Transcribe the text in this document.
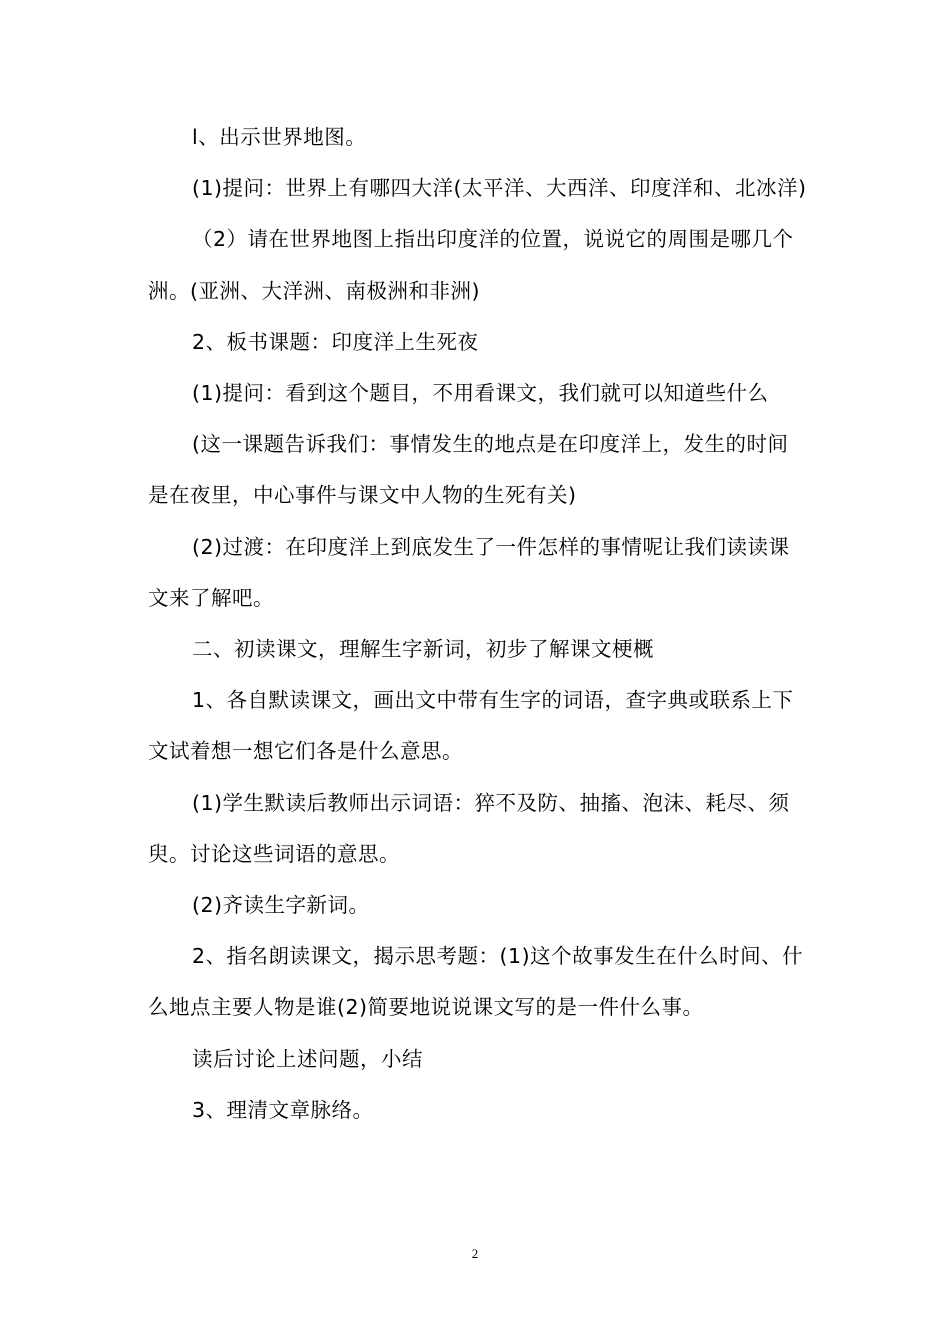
l、出示世界地图。

(1)提问：世界上有哪四大洋(太平洋、大西洋、印度洋和、北冰洋)

（2）请在世界地图上指出印度洋的位置，说说它的周围是哪几个洲。(亚洲、大洋洲、南极洲和非洲)

2、板书课题：印度洋上生死夜

(1)提问：看到这个题目，不用看课文，我们就可以知道些什么

(这一课题告诉我们：事情发生的地点是在印度洋上，发生的时间是在夜里，中心事件与课文中人物的生死有关)

(2)过渡：在印度洋上到底发生了一件怎样的事情呢让我们读读课文来了解吧。

二、初读课文，理解生字新词，初步了解课文梗概

1、各自默读课文，画出文中带有生字的词语，查字典或联系上下文试着想一想它们各是什么意思。

(1)学生默读后教师出示词语：猝不及防、抽搐、泡沫、耗尽、须臾。讨论这些词语的意思。

(2)齐读生字新词。

2、指名朗读课文，揭示思考题：(1)这个故事发生在什么时间、什么地点主要人物是谁(2)简要地说说课文写的是一件什么事。

读后讨论上述问题，小结

3、理清文章脉络。

2
